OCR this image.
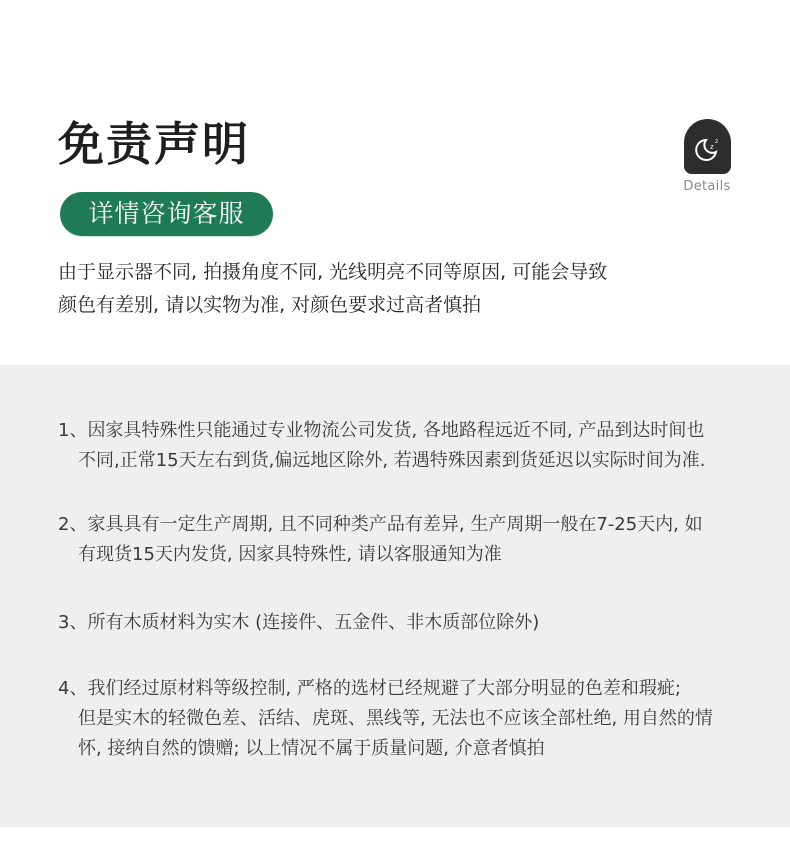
免责声明
详情咨询客服
z
z
Details

由于显示器不同, 拍摄角度不同, 光线明亮不同等原因, 可能会导致

颜色有差别, 请以实物为准, 对颜色要求过高者慎拍

1、因家具特殊性只能通过专业物流公司发货, 各地路程远近不同, 产品到达时间也

不同,正常15天左右到货,偏远地区除外, 若遇特殊因素到货延迟以实际时间为准.

2、家具具有一定生产周期, 且不同种类产品有差异, 生产周期一般在7-25天内, 如

有现货15天内发货, 因家具特殊性, 请以客服通知为准

3、所有木质材料为实木 (连接件、五金件、非木质部位除外)

4、我们经过原材料等级控制, 严格的选材已经规避了大部分明显的色差和瑕疵;

但是实木的轻微色差、活结、虎斑、黑线等, 无法也不应该全部杜绝, 用自然的情

怀, 接纳自然的馈赠; 以上情况不属于质量问题, 介意者慎拍
